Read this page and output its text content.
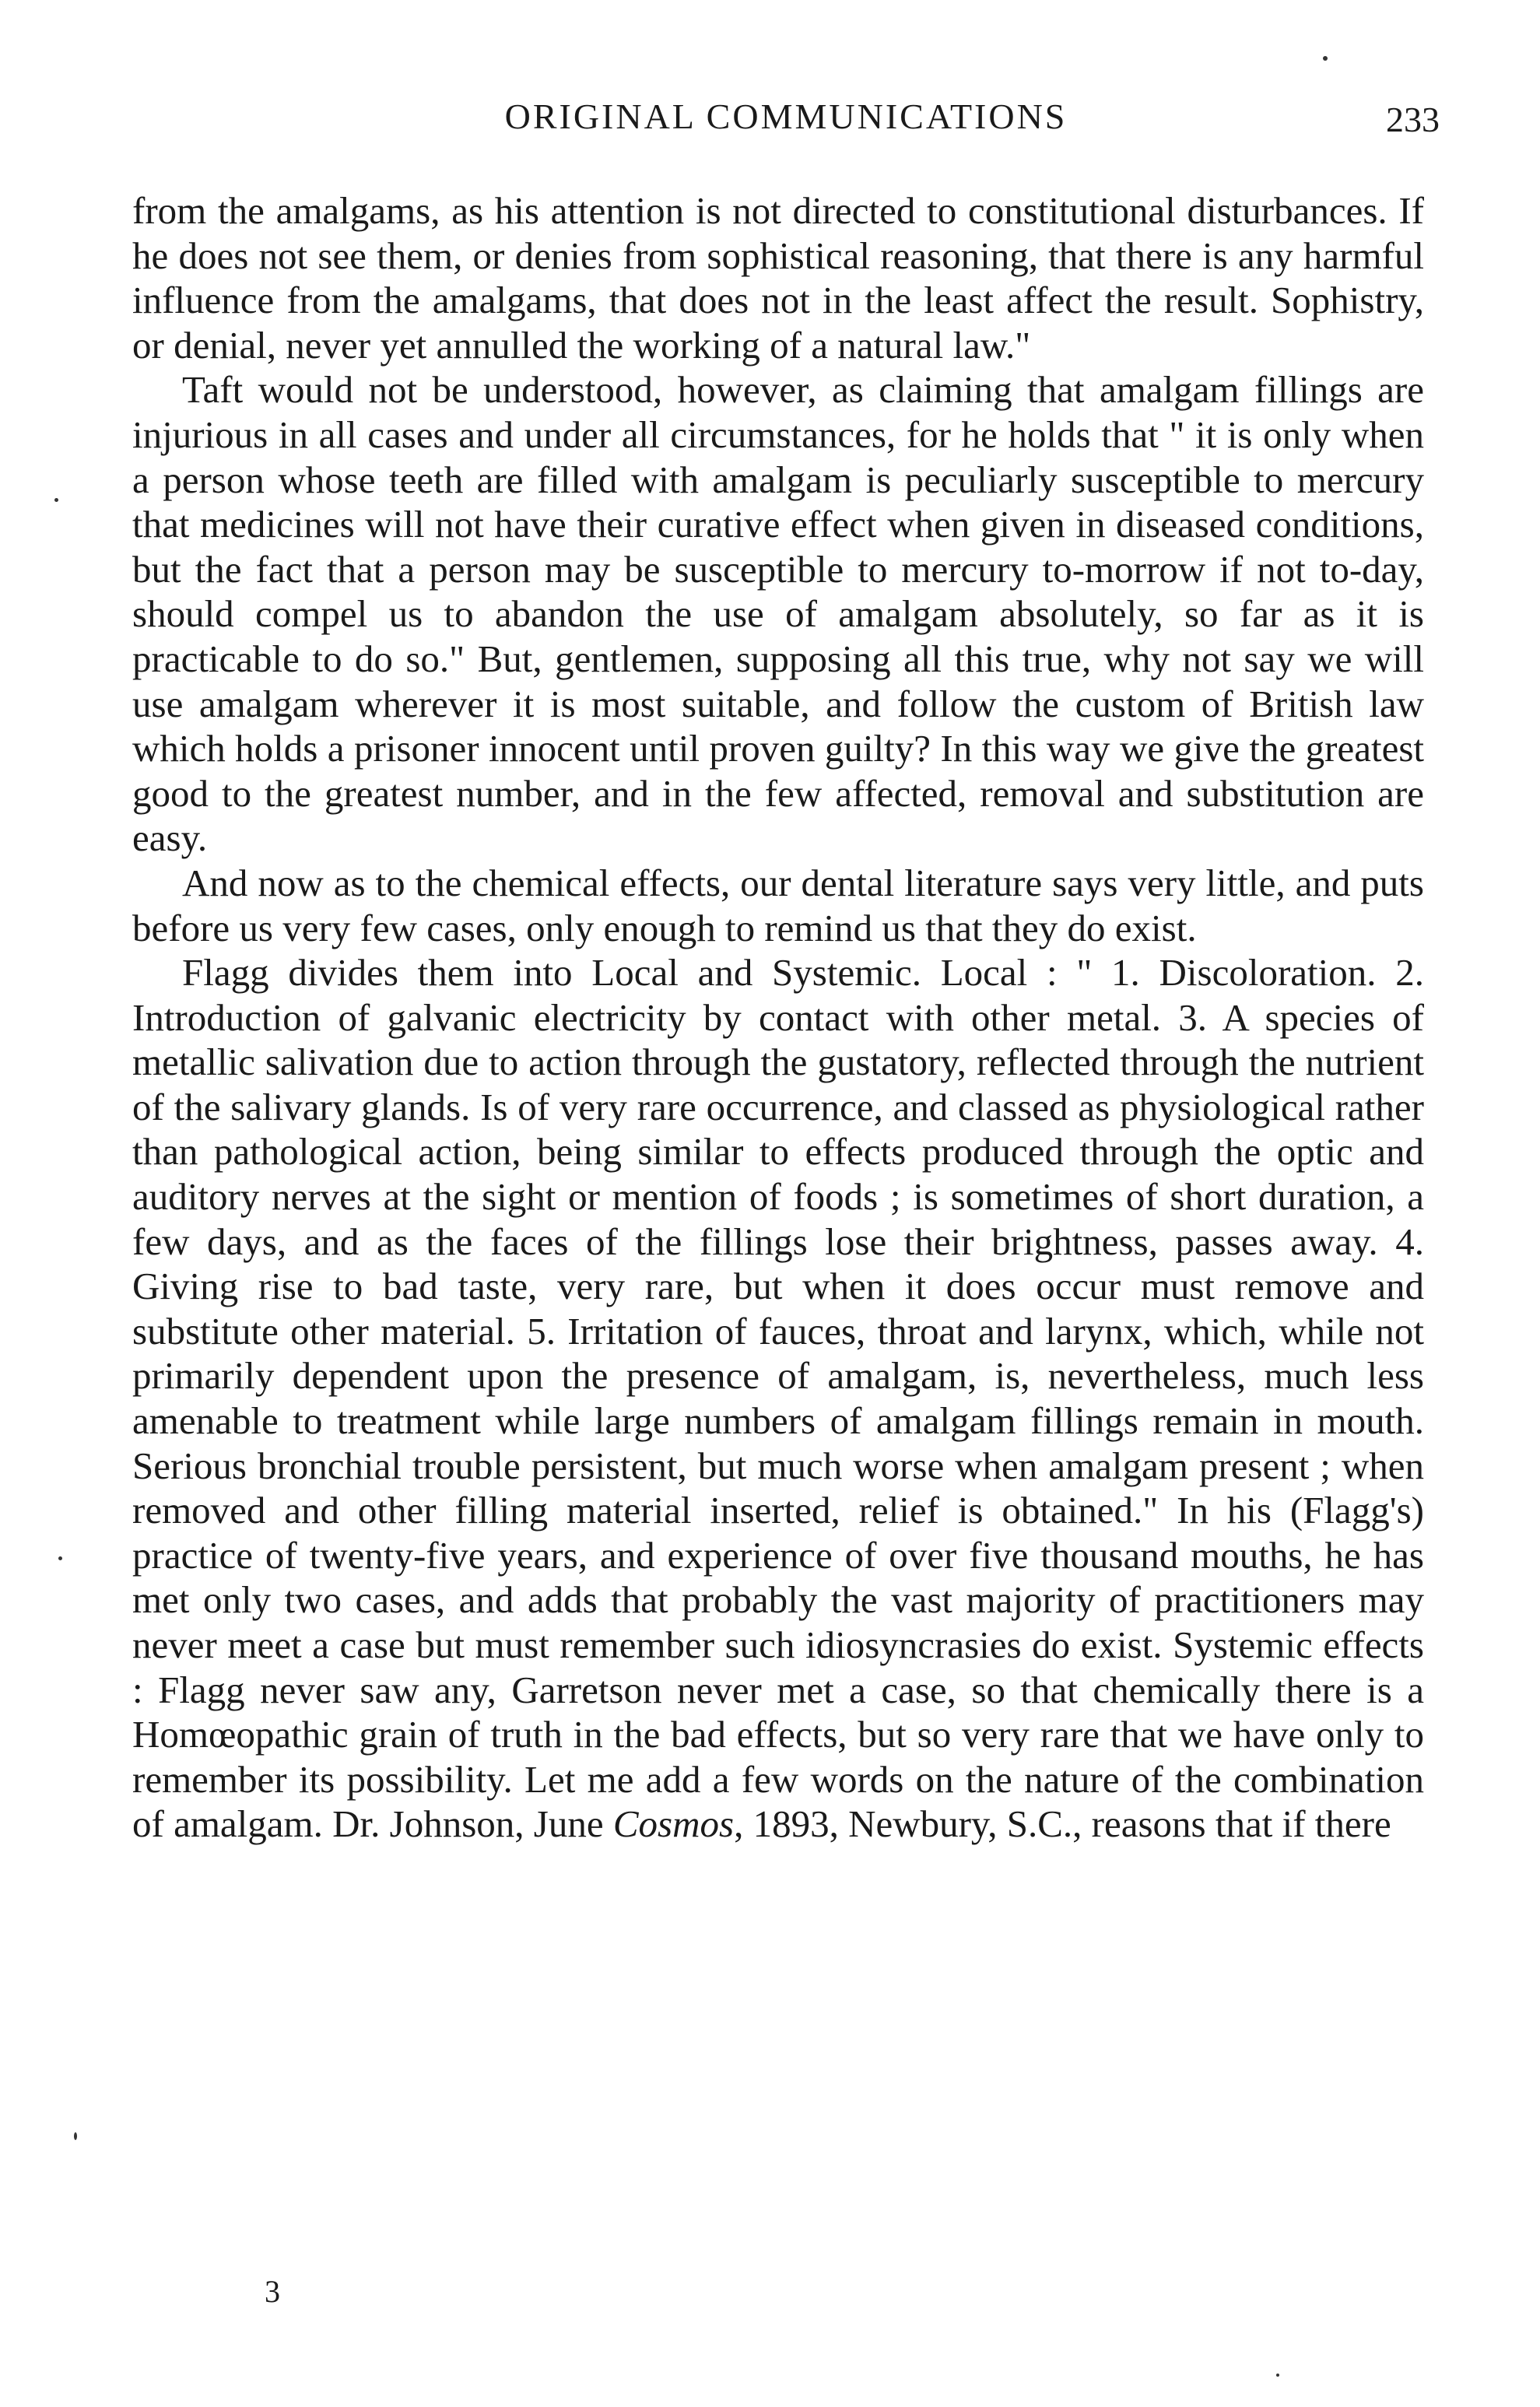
ORIGINAL COMMUNICATIONS	233

from the amalgams, as his attention is not directed to constitutional disturbances. If he does not see them, or denies from sophistical reasoning, that there is any harmful influence from the amalgams, that does not in the least affect the result. Sophistry, or denial, never yet annulled the working of a natural law."

Taft would not be understood, however, as claiming that amalgam fillings are injurious in all cases and under all circumstances, for he holds that " it is only when a person whose teeth are filled with amalgam is peculiarly susceptible to mercury that medicines will not have their curative effect when given in diseased conditions, but the fact that a person may be susceptible to mercury to-morrow if not to-day, should compel us to abandon the use of amalgam absolutely, so far as it is practicable to do so." But, gentlemen, supposing all this true, why not say we will use amalgam wherever it is most suitable, and follow the custom of British law which holds a prisoner innocent until proven guilty? In this way we give the greatest good to the greatest number, and in the few affected, removal and substitution are easy.

And now as to the chemical effects, our dental literature says very little, and puts before us very few cases, only enough to remind us that they do exist.

Flagg divides them into Local and Systemic. Local : " 1. Discoloration. 2. Introduction of galvanic electricity by contact with other metal. 3. A species of metallic salivation due to action through the gustatory, reflected through the nutrient of the salivary glands. Is of very rare occurrence, and classed as physiological rather than pathological action, being similar to effects produced through the optic and auditory nerves at the sight or mention of foods ; is sometimes of short duration, a few days, and as the faces of the fillings lose their brightness, passes away. 4. Giving rise to bad taste, very rare, but when it does occur must remove and substitute other material. 5. Irritation of fauces, throat and larynx, which, while not primarily dependent upon the presence of amalgam, is, nevertheless, much less amenable to treatment while large numbers of amalgam fillings remain in mouth. Serious bronchial trouble persistent, but much worse when amalgam present ; when removed and other filling material inserted, relief is obtained." In his (Flagg's) practice of twenty-five years, and experience of over five thousand mouths, he has met only two cases, and adds that probably the vast majority of practitioners may never meet a case but must remember such idiosyncrasies do exist. Systemic effects : Flagg never saw any, Garretson never met a case, so that chemically there is a Homœopathic grain of truth in the bad effects, but so very rare that we have only to remember its possibility. Let me add a few words on the nature of the combination of amalgam. Dr. Johnson, June Cosmos, 1893, Newbury, S.C., reasons that if there

3
